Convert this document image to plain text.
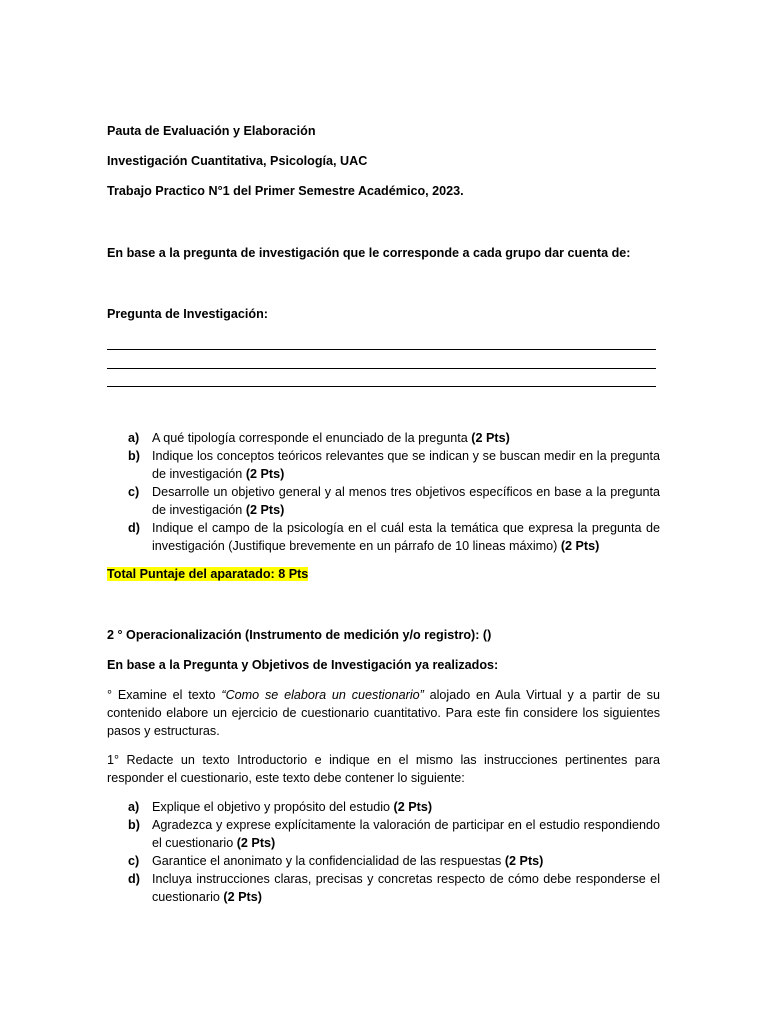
Pauta de Evaluación y Elaboración
Investigación Cuantitativa, Psicología, UAC
Trabajo Practico N°1 del Primer Semestre Académico, 2023.
En base a la pregunta de investigación que le corresponde a cada grupo dar cuenta de:
Pregunta de Investigación:

a) A qué tipología corresponde el enunciado de la pregunta (2 Pts)

b) Indique los conceptos teóricos relevantes que se indican y se buscan medir en la pregunta de investigación (2 Pts)

c) Desarrolle un objetivo general y al menos tres objetivos específicos en base a la pregunta de investigación (2 Pts)

d) Indique el campo de la psicología en el cuál esta la temática que expresa la pregunta de investigación (Justifique brevemente en un párrafo de 10 lineas máximo) (2 Pts)

Total Puntaje del aparatado: 8 Pts
2 ° Operacionalización (Instrumento de medición y/o registro): ()
En base a la Pregunta y Objetivos de Investigación ya realizados:
° Examine el texto “Como se elabora un cuestionario” alojado en Aula Virtual y a partir de su contenido elabore un ejercicio de cuestionario cuantitativo. Para este fin considere los siguientes pasos y estructuras.
1° Redacte un texto Introductorio e indique en el mismo las instrucciones pertinentes para responder el cuestionario, este texto debe contener lo siguiente:

a) Explique el objetivo y propósito del estudio (2 Pts)

b) Agradezca y exprese explícitamente la valoración de participar en el estudio respondiendo el cuestionario (2 Pts)

c) Garantice el anonimato y la confidencialidad de las respuestas (2 Pts)

d) Incluya instrucciones claras, precisas y concretas respecto de cómo debe responderse el cuestionario (2 Pts)
